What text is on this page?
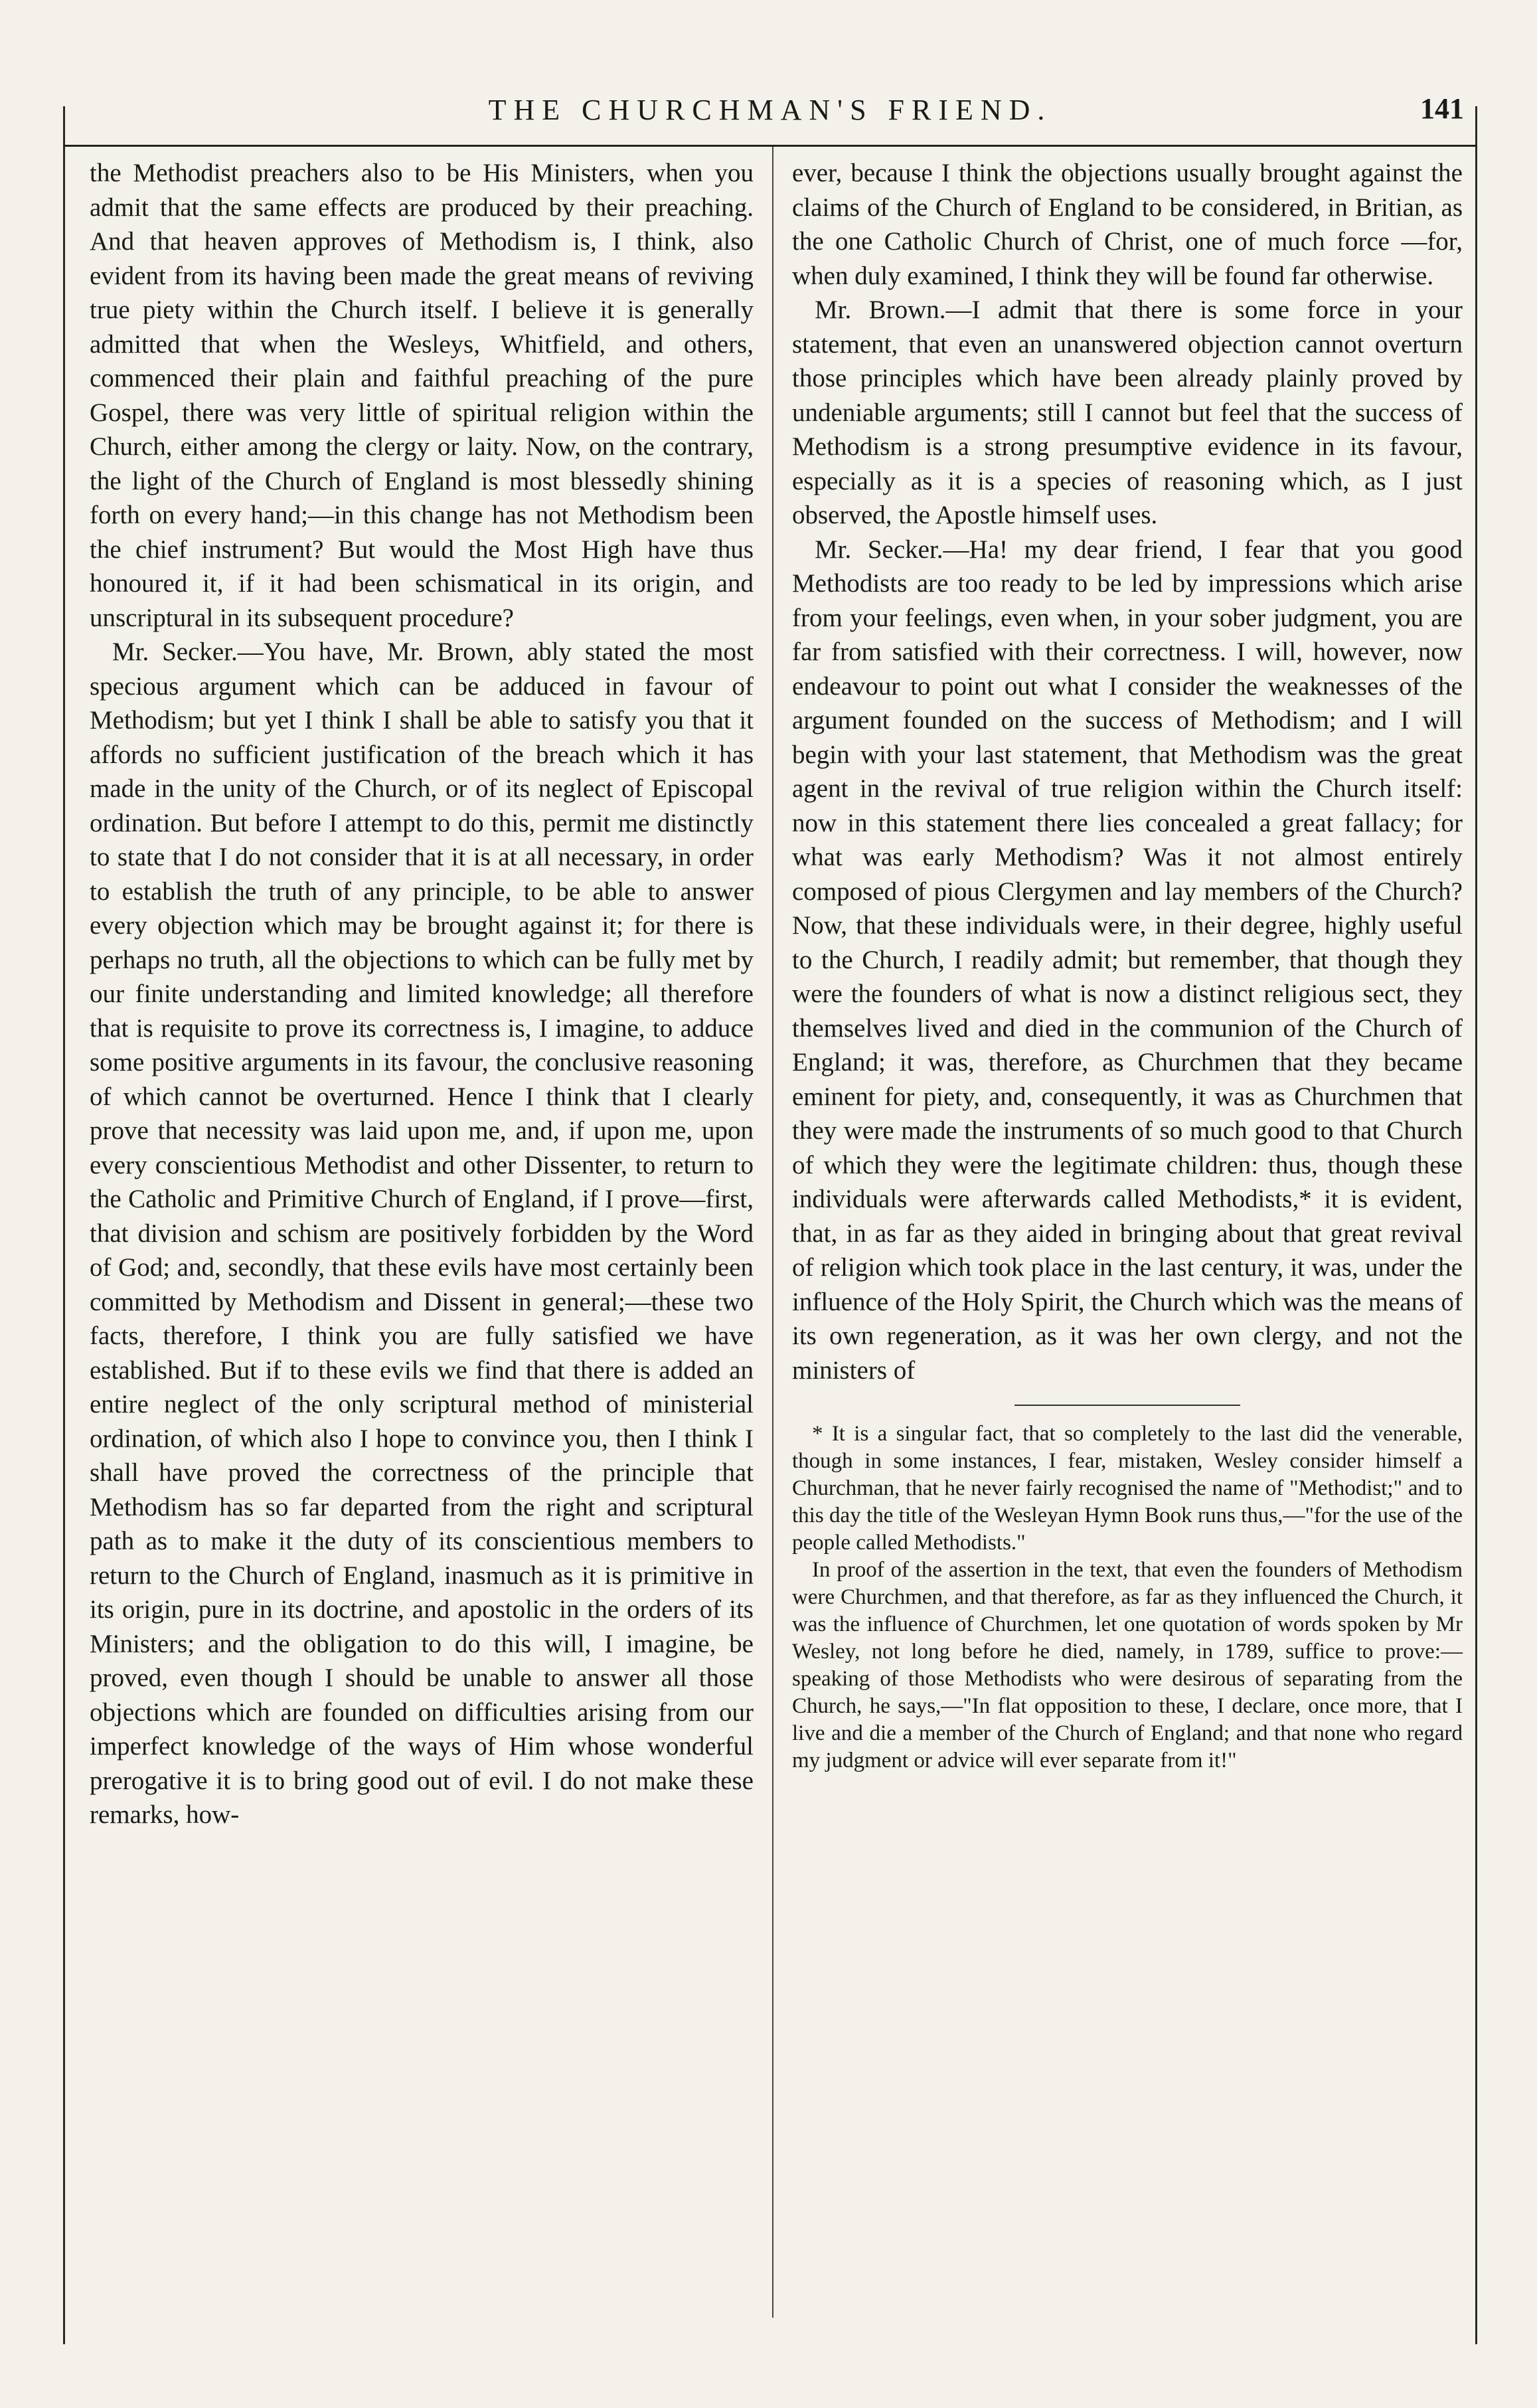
THE CHURCHMAN'S FRIEND.	141

the Methodist preachers also to be His Ministers, when you admit that the same effects are produced by their preaching. And that heaven approves of Methodism is, I think, also evident from its having been made the great means of reviving true piety within the Church itself. I believe it is generally admitted that when the Wesleys, Whitfield, and others, commenced their plain and faithful preaching of the pure Gospel, there was very little of spiritual religion within the Church, either among the clergy or laity. Now, on the contrary, the light of the Church of England is most blessedly shining forth on every hand;—in this change has not Methodism been the chief instrument? But would the Most High have thus honoured it, if it had been schismatical in its origin, and unscriptural in its subsequent procedure?

Mr. Secker.—You have, Mr. Brown, ably stated the most specious argument which can be adduced in favour of Methodism; but yet I think I shall be able to satisfy you that it affords no sufficient justification of the breach which it has made in the unity of the Church, or of its neglect of Episcopal ordination. But before I attempt to do this, permit me distinctly to state that I do not consider that it is at all necessary, in order to establish the truth of any principle, to be able to answer every objection which may be brought against it; for there is perhaps no truth, all the objections to which can be fully met by our finite understanding and limited knowledge; all therefore that is requisite to prove its correctness is, I imagine, to adduce some positive arguments in its favour, the conclusive reasoning of which cannot be overturned. Hence I think that I clearly prove that necessity was laid upon me, and, if upon me, upon every conscientious Methodist and other Dissenter, to return to the Catholic and Primitive Church of England, if I prove—first, that division and schism are positively forbidden by the Word of God; and, secondly, that these evils have most certainly been committed by Methodism and Dissent in general;—these two facts, therefore, I think you are fully satisfied we have established. But if to these evils we find that there is added an entire neglect of the only scriptural method of ministerial ordination, of which also I hope to convince you, then I think I shall have proved the correctness of the principle that Methodism has so far departed from the right and scriptural path as to make it the duty of its conscientious members to return to the Church of England, inasmuch as it is primitive in its origin, pure in its doctrine, and apostolic in the orders of its Ministers; and the obligation to do this will, I imagine, be proved, even though I should be unable to answer all those objections which are founded on difficulties arising from our imperfect knowledge of the ways of Him whose wonderful prerogative it is to bring good out of evil. I do not make these remarks, how-

ever, because I think the objections usually brought against the claims of the Church of England to be considered, in Britian, as the one Catholic Church of Christ, one of much force —for, when duly examined, I think they will be found far otherwise.

Mr. Brown.—I admit that there is some force in your statement, that even an unanswered objection cannot overturn those principles which have been already plainly proved by undeniable arguments; still I cannot but feel that the success of Methodism is a strong presumptive evidence in its favour, especially as it is a species of reasoning which, as I just observed, the Apostle himself uses.

Mr. Secker.—Ha! my dear friend, I fear that you good Methodists are too ready to be led by impressions which arise from your feelings, even when, in your sober judgment, you are far from satisfied with their correctness. I will, however, now endeavour to point out what I consider the weaknesses of the argument founded on the success of Methodism; and I will begin with your last statement, that Methodism was the great agent in the revival of true religion within the Church itself: now in this statement there lies concealed a great fallacy; for what was early Methodism? Was it not almost entirely composed of pious Clergymen and lay members of the Church? Now, that these individuals were, in their degree, highly useful to the Church, I readily admit; but remember, that though they were the founders of what is now a distinct religious sect, they themselves lived and died in the communion of the Church of England; it was, therefore, as Churchmen that they became eminent for piety, and, consequently, it was as Churchmen that they were made the instruments of so much good to that Church of which they were the legitimate children: thus, though these individuals were afterwards called Methodists,* it is evident, that, in as far as they aided in bringing about that great revival of religion which took place in the last century, it was, under the influence of the Holy Spirit, the Church which was the means of its own regeneration, as it was her own clergy, and not the ministers of

* It is a singular fact, that so completely to the last did the venerable, though in some instances, I fear, mistaken, Wesley consider himself a Churchman, that he never fairly recognised the name of "Methodist;" and to this day the title of the Wesleyan Hymn Book runs thus,—"for the use of the people called Methodists."

In proof of the assertion in the text, that even the founders of Methodism were Churchmen, and that therefore, as far as they influenced the Church, it was the influence of Churchmen, let one quotation of words spoken by Mr Wesley, not long before he died, namely, in 1789, suffice to prove:—speaking of those Methodists who were desirous of separating from the Church, he says,—"In flat opposition to these, I declare, once more, that I live and die a member of the Church of England; and that none who regard my judgment or advice will ever separate from it!"
